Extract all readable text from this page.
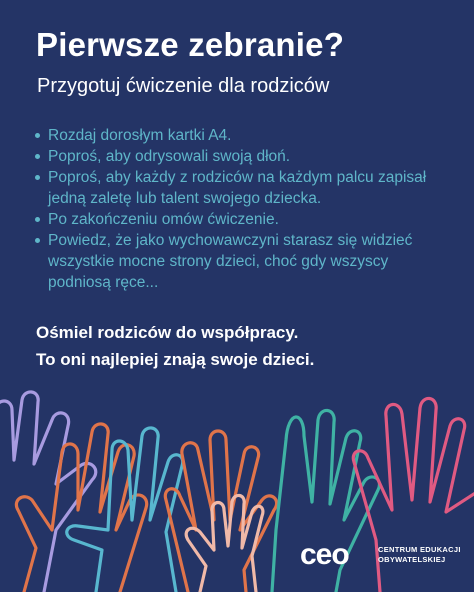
Pierwsze zebranie?
Przygotuj ćwiczenie dla rodziców
Rozdaj dorosłym kartki A4.
Poproś, aby odrysowali swoją dłoń.
Poproś, aby każdy z rodziców na każdym palcu zapisał jedną zaletę lub talent swojego dziecka.
Po zakończeniu omów ćwiczenie.
Powiedz, że jako wychowawczyni starasz się widzieć wszystkie mocne strony dzieci, choć gdy wszyscy podniosą ręce...
Ośmiel rodziców do współpracy.
To oni najlepiej znają swoje dzieci.
ceo	CENTRUM EDUKACJI
OBYWATELSKIEJ
